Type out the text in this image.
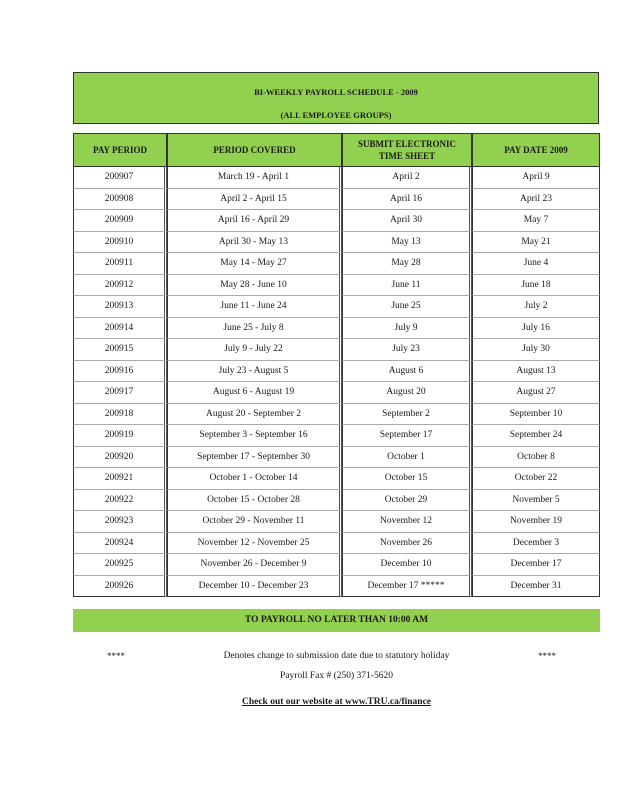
BI-WEEKLY PAYROLL SCHEDULE - 2009
(ALL EMPLOYEE GROUPS)
PAY PERIOD	PERIOD COVERED	SUBMIT ELECTRONIC TIME SHEET	PAY DATE 2009
200907	March 19 - April 1	April 2	April 9
200908	April 2 - April 15	April 16	April 23
200909	April 16 - April 29	April 30	May 7
200910	April 30 - May 13	May 13	May 21
200911	May 14 - May 27	May 28	June 4
200912	May 28 - June 10	June 11	June 18
200913	June 11 - June 24	June 25	July 2
200914	June 25 - July 8	July 9	July 16
200915	July 9 - July 22	July 23	July 30
200916	July 23 - August 5	August 6	August 13
200917	August 6 - August 19	August 20	August 27
200918	August 20 - September 2	September 2	September 10
200919	September 3 - September 16	September 17	September 24
200920	September 17 - September 30	October 1	October 8
200921	October 1 - October 14	October 15	October 22
200922	October 15 - October 28	October 29	November 5
200923	October 29 - November 11	November 12	November 19
200924	November 12 - November 25	November 26	December 3
200925	November 26 - December 9	December 10	December 17
200926	December 10 - December 23	December 17 *****	December 31
TO PAYROLL NO LATER THAN 10:00 AM
****	Denotes change to submission date due to statutory holiday	****
Payroll Fax # (250) 371-5620
Check out our website at www.TRU.ca/finance
